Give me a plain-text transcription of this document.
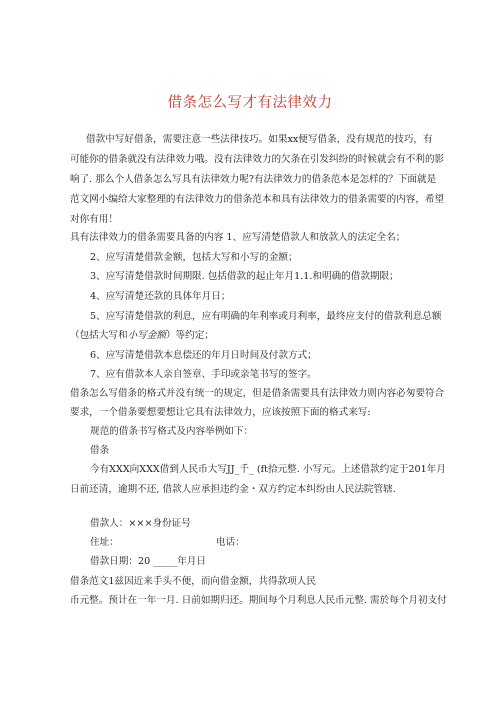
借条怎么写才有法律效力
借款中写好借条，需要注意一些法律技巧。如果xx便写借条，没有规范的技巧，有
可能你的借条就没有法律效力哦。没有法律效力的欠条在引发纠纷的时候就会有不利的影
响了. 那么个人借条怎么写具有法律效力呢?有法律效力的借条范本是怎样的？下面就是
范文网小编给大家整理的有法律效力的借条范本和具有法律效力的借条需要的内容，希望
对你有用！
具有法律效力的借条需要具备的内容 1、应写清楚借款人和放款人的法定全名；
2、应写清楚借款金额，包括大写和小写的金额；
3、应写清楚借款时间期限. 包括借款的起止年月1.1.和明确的借款期限；
4、应写清楚还款的具体年月日；
5、应写清楚借款的利息，应有明确的年利率或月利率，最终应支付的借款利息总额
（包括大写和小写金额）等约定；
6、应写清楚借款本息偿还的年月日时间及付款方式；
7、应有借款本人亲自签章、手印或亲笔书写的签字。
借条怎么写借条的格式并没有统一的规定，但是借条需要具有法律效力则内容必匆要符合
要求，一个借条要想要想让它具有法律效力，应该按照下面的格式来写:
规范的借条书写格式及内容举例如下：
借条
今有XXX向XXX借到人民币大写JJ_千_ (ft拾元整. 小写元。上述借款约定于201年月
日前还清，逾期不还, 借款人应承担违约金・双方约定本纠纷由人民法院管辖.
借款人：×××身份证号
住址：	电话：
借款日期：20 _____年月日
借条范文1兹因近来手头不便，而向借金额，共得款项人民
币元整。预计在一年一月. 日前如期归还。期间每个月利息人民币元整. 需於每个月初支付
